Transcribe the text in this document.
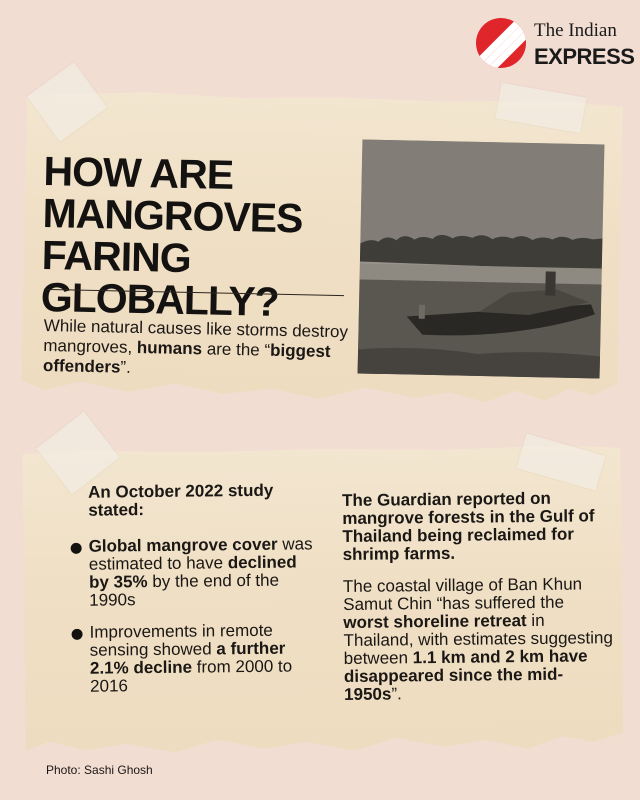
The Indian
EXPRESS
HOW ARE MANGROVES FARING GLOBALLY?
While natural causes like storms destroy mangroves, humans are the “biggest offenders”.
An October 2022 study stated:
Global mangrove cover was estimated to have declined by 35% by the end of the 1990s
Improvements in remote sensing showed a further 2.1% decline from 2000 to 2016
The Guardian reported on mangrove forests in the Gulf of Thailand being reclaimed for shrimp farms.
The coastal village of Ban Khun Samut Chin “has suffered the worst shoreline retreat in Thailand, with estimates suggesting between 1.1 km and 2 km have disappeared since the mid-1950s”.
Photo: Sashi Ghosh
